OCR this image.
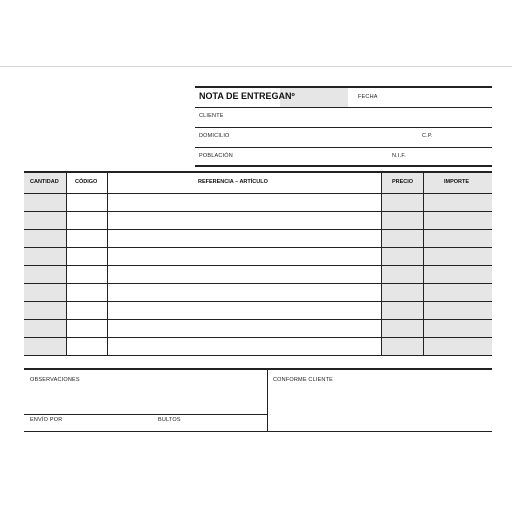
NOTA DE ENTREGA Nº	FECHA
CLIENTE
DOMICILIO	C.P.
POBLACIÓN	N.I.F.
CANTIDAD	CÓDIGO	REFERENCIA – ARTÍCULO	PRECIO	IMPORTE
OBSERVACIONES	CONFORME CLIENTE
ENVÍO POR	BULTOS
